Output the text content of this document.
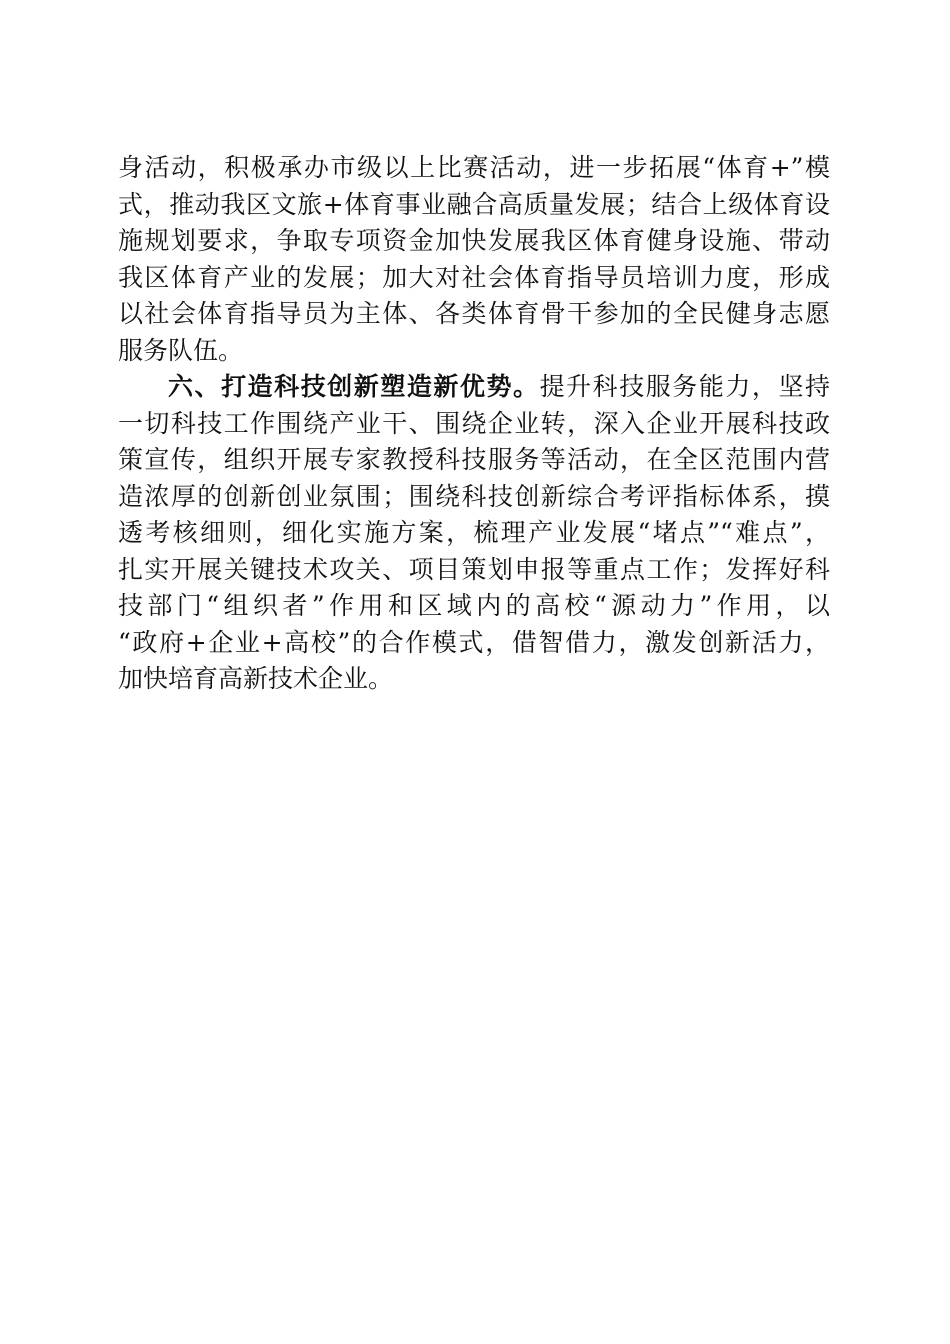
身活动，积极承办市级以上比赛活动，进一步拓展“体育+”模
式，推动我区文旅+体育事业融合高质量发展；结合上级体育设
施规划要求，争取专项资金加快发展我区体育健身设施、带动
我区体育产业的发展；加大对社会体育指导员培训力度，形成
以社会体育指导员为主体、各类体育骨干参加的全民健身志愿
服务队伍。
六、打造科技创新塑造新优势。提升科技服务能力，坚持
一切科技工作围绕产业干、围绕企业转，深入企业开展科技政
策宣传，组织开展专家教授科技服务等活动，在全区范围内营
造浓厚的创新创业氛围；围绕科技创新综合考评指标体系，摸
透考核细则，细化实施方案，梳理产业发展“堵点”“难点”，
扎实开展关键技术攻关、项目策划申报等重点工作；发挥好科
技部门“组织者”作用和区域内的高校“源动力”作用，以
“政府+企业+高校”的合作模式，借智借力，激发创新活力，
加快培育高新技术企业。
